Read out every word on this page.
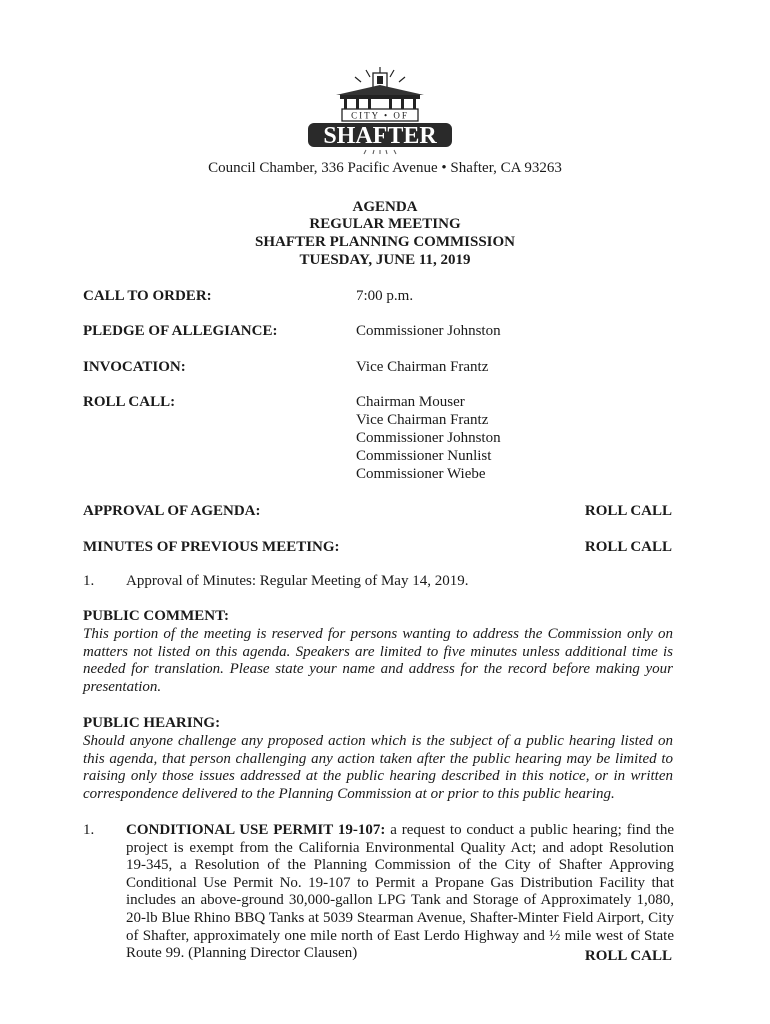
CITY • OF
SHAFTER
Council Chamber, 336 Pacific Avenue • Shafter, CA 93263
AGENDA
REGULAR MEETING
SHAFTER PLANNING COMMISSION
TUESDAY, JUNE 11, 2019
CALL TO ORDER:	7:00 p.m.
PLEDGE OF ALLEGIANCE:	Commissioner Johnston
INVOCATION:	Vice Chairman Frantz
ROLL CALL:	Chairman Mouser
Vice Chairman Frantz
Commissioner Johnston
Commissioner Nunlist
Commissioner Wiebe
APPROVAL OF AGENDA:	ROLL CALL
MINUTES OF PREVIOUS MEETING:	ROLL CALL
1. Approval of Minutes: Regular Meeting of May 14, 2019.
PUBLIC COMMENT:
This portion of the meeting is reserved for persons wanting to address the Commission only on matters not listed on this agenda. Speakers are limited to five minutes unless additional time is needed for translation. Please state your name and address for the record before making your presentation.
PUBLIC HEARING:
Should anyone challenge any proposed action which is the subject of a public hearing listed on this agenda, that person challenging any action taken after the public hearing may be limited to raising only those issues addressed at the public hearing described in this notice, or in written correspondence delivered to the Planning Commission at or prior to this public hearing.
1. CONDITIONAL USE PERMIT 19-107: a request to conduct a public hearing; find the project is exempt from the California Environmental Quality Act; and adopt Resolution 19-345, a Resolution of the Planning Commission of the City of Shafter Approving Conditional Use Permit No. 19-107 to Permit a Propane Gas Distribution Facility that includes an above-ground 30,000-gallon LPG Tank and Storage of Approximately 1,080, 20-lb Blue Rhino BBQ Tanks at 5039 Stearman Avenue, Shafter-Minter Field Airport, City of Shafter, approximately one mile north of East Lerdo Highway and ½ mile west of State Route 99. (Planning Director Clausen)	ROLL CALL
